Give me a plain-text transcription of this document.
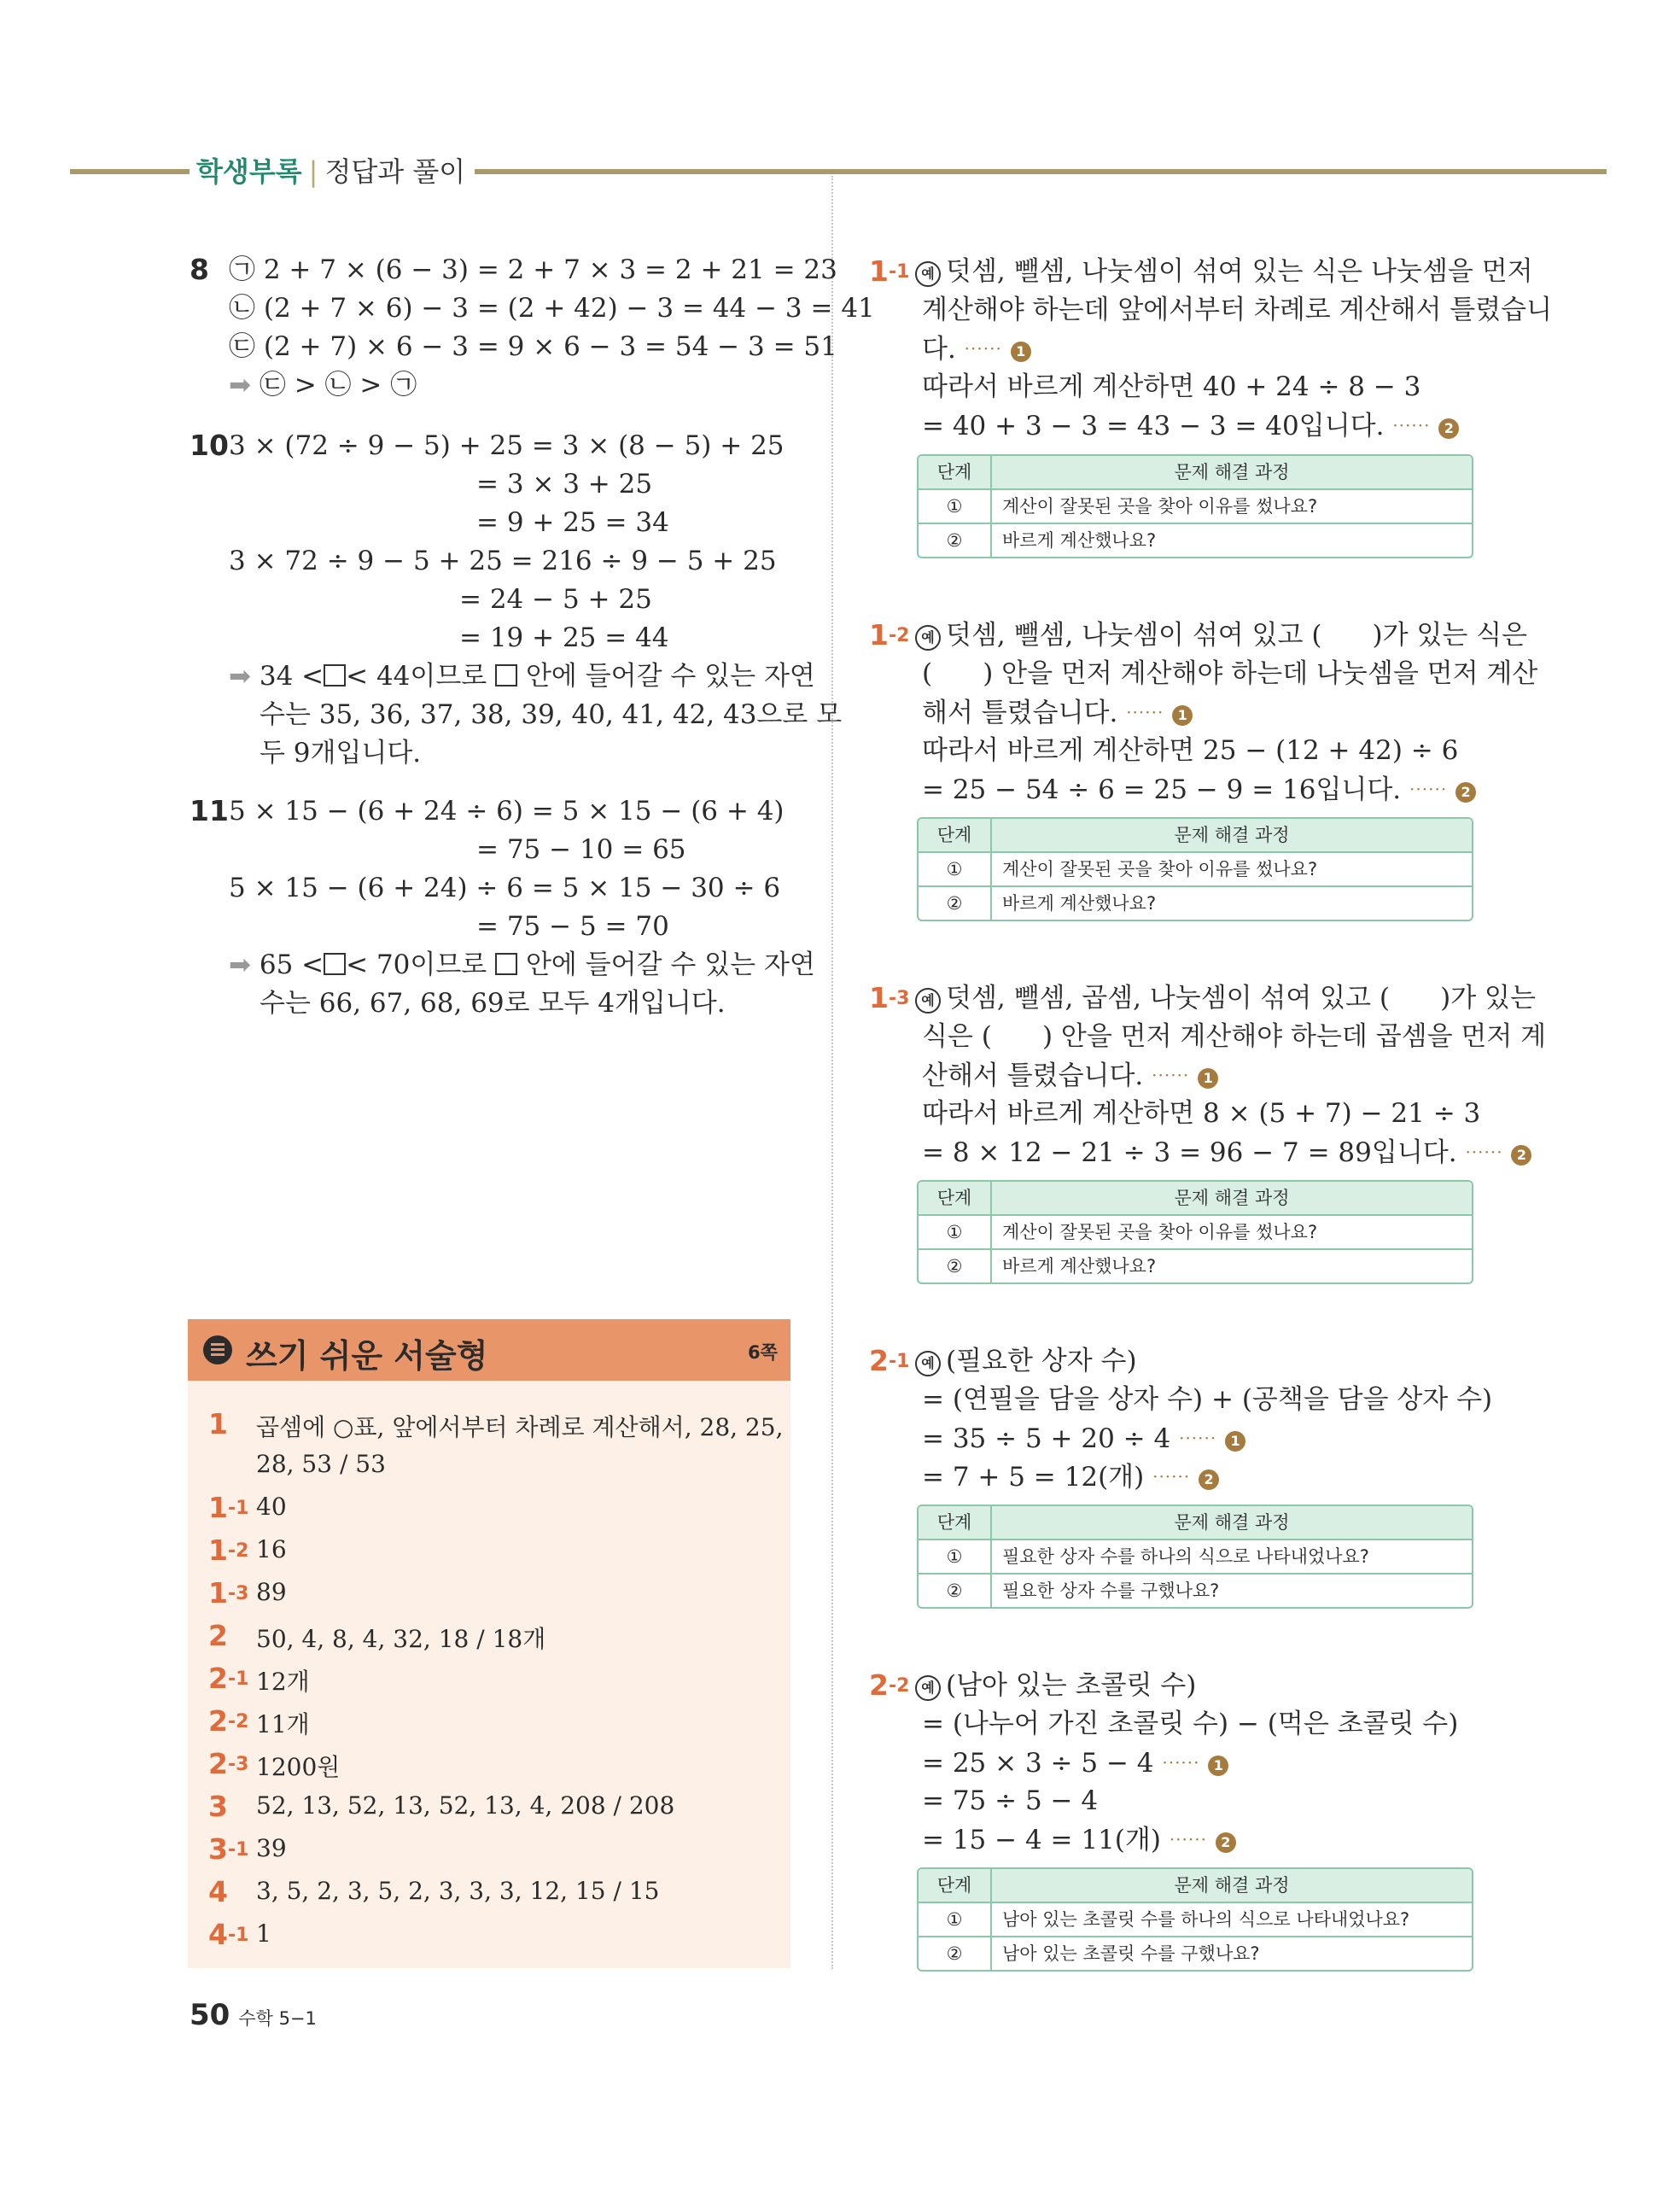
학생부록 | 정답과 풀이
8 ㉠ 2 + 7 × (6 − 3) = 2 + 7 × 3 = 2 + 21 = 23
㉡ (2 + 7 × 6) − 3 = (2 + 42) − 3 = 44 − 3 = 41
㉢ (2 + 7) × 6 − 3 = 9 × 6 − 3 = 54 − 3 = 51
➡ ㉢ > ㉡ > ㉠
10 3 × (72 ÷ 9 − 5) + 25 = 3 × (8 − 5) + 25
= 3 × 3 + 25
= 9 + 25 = 34
3 × 72 ÷ 9 − 5 + 25 = 216 ÷ 9 − 5 + 25
= 24 − 5 + 25
= 19 + 25 = 44
➡ 34 < < 44이므로 안에 들어갈 수 있는 자연
수는 35, 36, 37, 38, 39, 40, 41, 42, 43으로 모
두 9개입니다.
11 5 × 15 − (6 + 24 ÷ 6) = 5 × 15 − (6 + 4)
= 75 − 10 = 65
5 × 15 − (6 + 24) ÷ 6 = 5 × 15 − 30 ÷ 6
= 75 − 5 = 70
➡ 65 < < 70이므로 안에 들어갈 수 있는 자연
수는 66, 67, 68, 69로 모두 4개입니다.
쓰기 쉬운 서술형	6쪽
1 곱셈에 ○표, 앞에서부터 차례로 계산해서, 28, 25,
28, 53 / 53
1-1 40
1-2 16
1-3 89
2 50, 4, 8, 4, 32, 18 / 18개
2-1 12개
2-2 11개
2-3 1200원
3 52, 13, 52, 13, 52, 13, 4, 208 / 208
3-1 39
4 3, 5, 2, 3, 5, 2, 3, 3, 3, 12, 15 / 15
4-1 1
1-1 예 덧셈, 뺄셈, 나눗셈이 섞여 있는 식은 나눗셈을 먼저
계산해야 하는데 앞에서부터 차례로 계산해서 틀렸습니
다. ······ 1
따라서 바르게 계산하면 40 + 24 ÷ 8 − 3
= 40 + 3 − 3 = 43 − 3 = 40입니다. ······ 2
단계	문제 해결 과정
①	계산이 잘못된 곳을 찾아 이유를 썼나요?
②	바르게 계산했나요?
1-2 예 덧셈, 뺄셈, 나눗셈이 섞여 있고 (      )가 있는 식은
(      ) 안을 먼저 계산해야 하는데 나눗셈을 먼저 계산
해서 틀렸습니다. ······ 1
따라서 바르게 계산하면 25 − (12 + 42) ÷ 6
= 25 − 54 ÷ 6 = 25 − 9 = 16입니다. ······ 2
단계	문제 해결 과정
①	계산이 잘못된 곳을 찾아 이유를 썼나요?
②	바르게 계산했나요?
1-3 예 덧셈, 뺄셈, 곱셈, 나눗셈이 섞여 있고 (      )가 있는
식은 (      ) 안을 먼저 계산해야 하는데 곱셈을 먼저 계
산해서 틀렸습니다. ······ 1
따라서 바르게 계산하면 8 × (5 + 7) − 21 ÷ 3
= 8 × 12 − 21 ÷ 3 = 96 − 7 = 89입니다. ······ 2
단계	문제 해결 과정
①	계산이 잘못된 곳을 찾아 이유를 썼나요?
②	바르게 계산했나요?
2-1 예 (필요한 상자 수)
= (연필을 담을 상자 수) + (공책을 담을 상자 수)
= 35 ÷ 5 + 20 ÷ 4 ······ 1
= 7 + 5 = 12(개) ······ 2
단계	문제 해결 과정
①	필요한 상자 수를 하나의 식으로 나타내었나요?
②	필요한 상자 수를 구했나요?
2-2 예 (남아 있는 초콜릿 수)
= (나누어 가진 초콜릿 수) − (먹은 초콜릿 수)
= 25 × 3 ÷ 5 − 4 ······ 1
= 75 ÷ 5 − 4
= 15 − 4 = 11(개) ······ 2
단계	문제 해결 과정
①	남아 있는 초콜릿 수를 하나의 식으로 나타내었나요?
②	남아 있는 초콜릿 수를 구했나요?
50 수학 5−1
